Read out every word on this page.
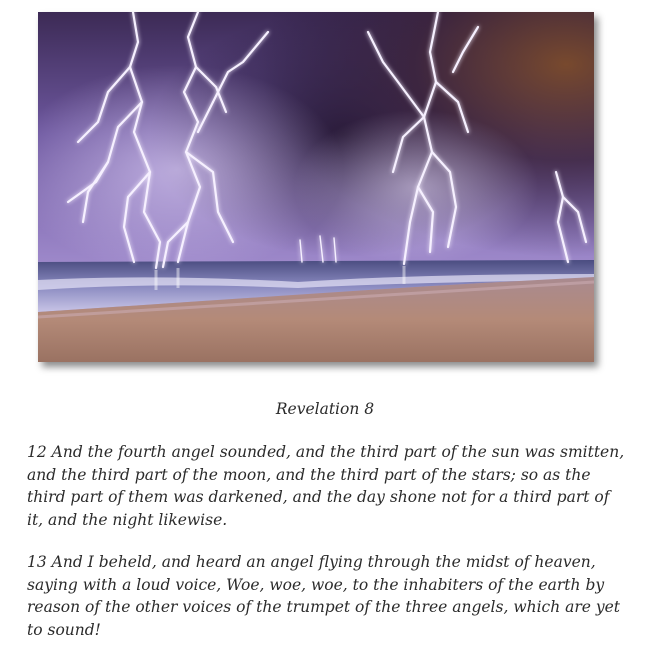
Revelation 8

12 And the fourth angel sounded, and the third part of the sun was smitten, and the third part of the moon, and the third part of the stars; so as the third part of them was darkened, and the day shone not for a third part of it, and the night likewise.

13 And I beheld, and heard an angel flying through the midst of heaven, saying with a loud voice, Woe, woe, woe, to the inhabiters of the earth by reason of the other voices of the trumpet of the three angels, which are yet to sound!
